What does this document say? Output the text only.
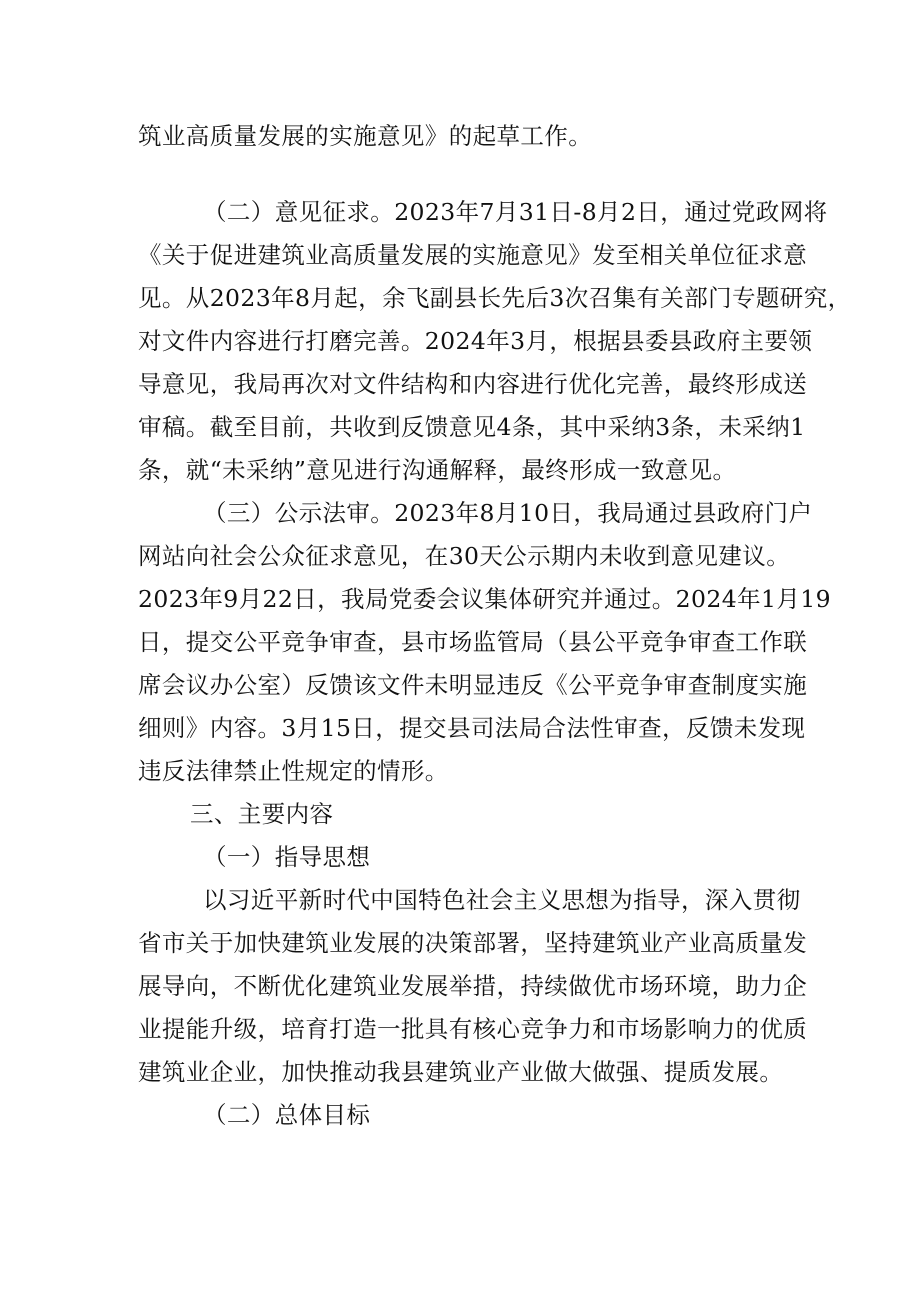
筑业高质量发展的实施意见》的起草工作。
（二）意见征求。2023年7月31日-8月2日，通过党政网将
《关于促进建筑业高质量发展的实施意见》发至相关单位征求意
见。从2023年8月起，余飞副县长先后3次召集有关部门专题研究，
对文件内容进行打磨完善。2024年3月，根据县委县政府主要领
导意见，我局再次对文件结构和内容进行优化完善，最终形成送
审稿。截至目前，共收到反馈意见4条，其中采纳3条，未采纳1
条，就“未采纳”意见进行沟通解释，最终形成一致意见。
（三）公示法审。2023年8月10日，我局通过县政府门户
网站向社会公众征求意见，在30天公示期内未收到意见建议。
2023年9月22日，我局党委会议集体研究并通过。2024年1月19
日，提交公平竞争审查，县市场监管局（县公平竞争审查工作联
席会议办公室）反馈该文件未明显违反《公平竞争审查制度实施
细则》内容。3月15日，提交县司法局合法性审查，反馈未发现
违反法律禁止性规定的情形。
三、主要内容
（一）指导思想
以习近平新时代中国特色社会主义思想为指导，深入贯彻
省市关于加快建筑业发展的决策部署，坚持建筑业产业高质量发
展导向，不断优化建筑业发展举措，持续做优市场环境，助力企
业提能升级，培育打造一批具有核心竞争力和市场影响力的优质
建筑业企业，加快推动我县建筑业产业做大做强、提质发展。
（二）总体目标
